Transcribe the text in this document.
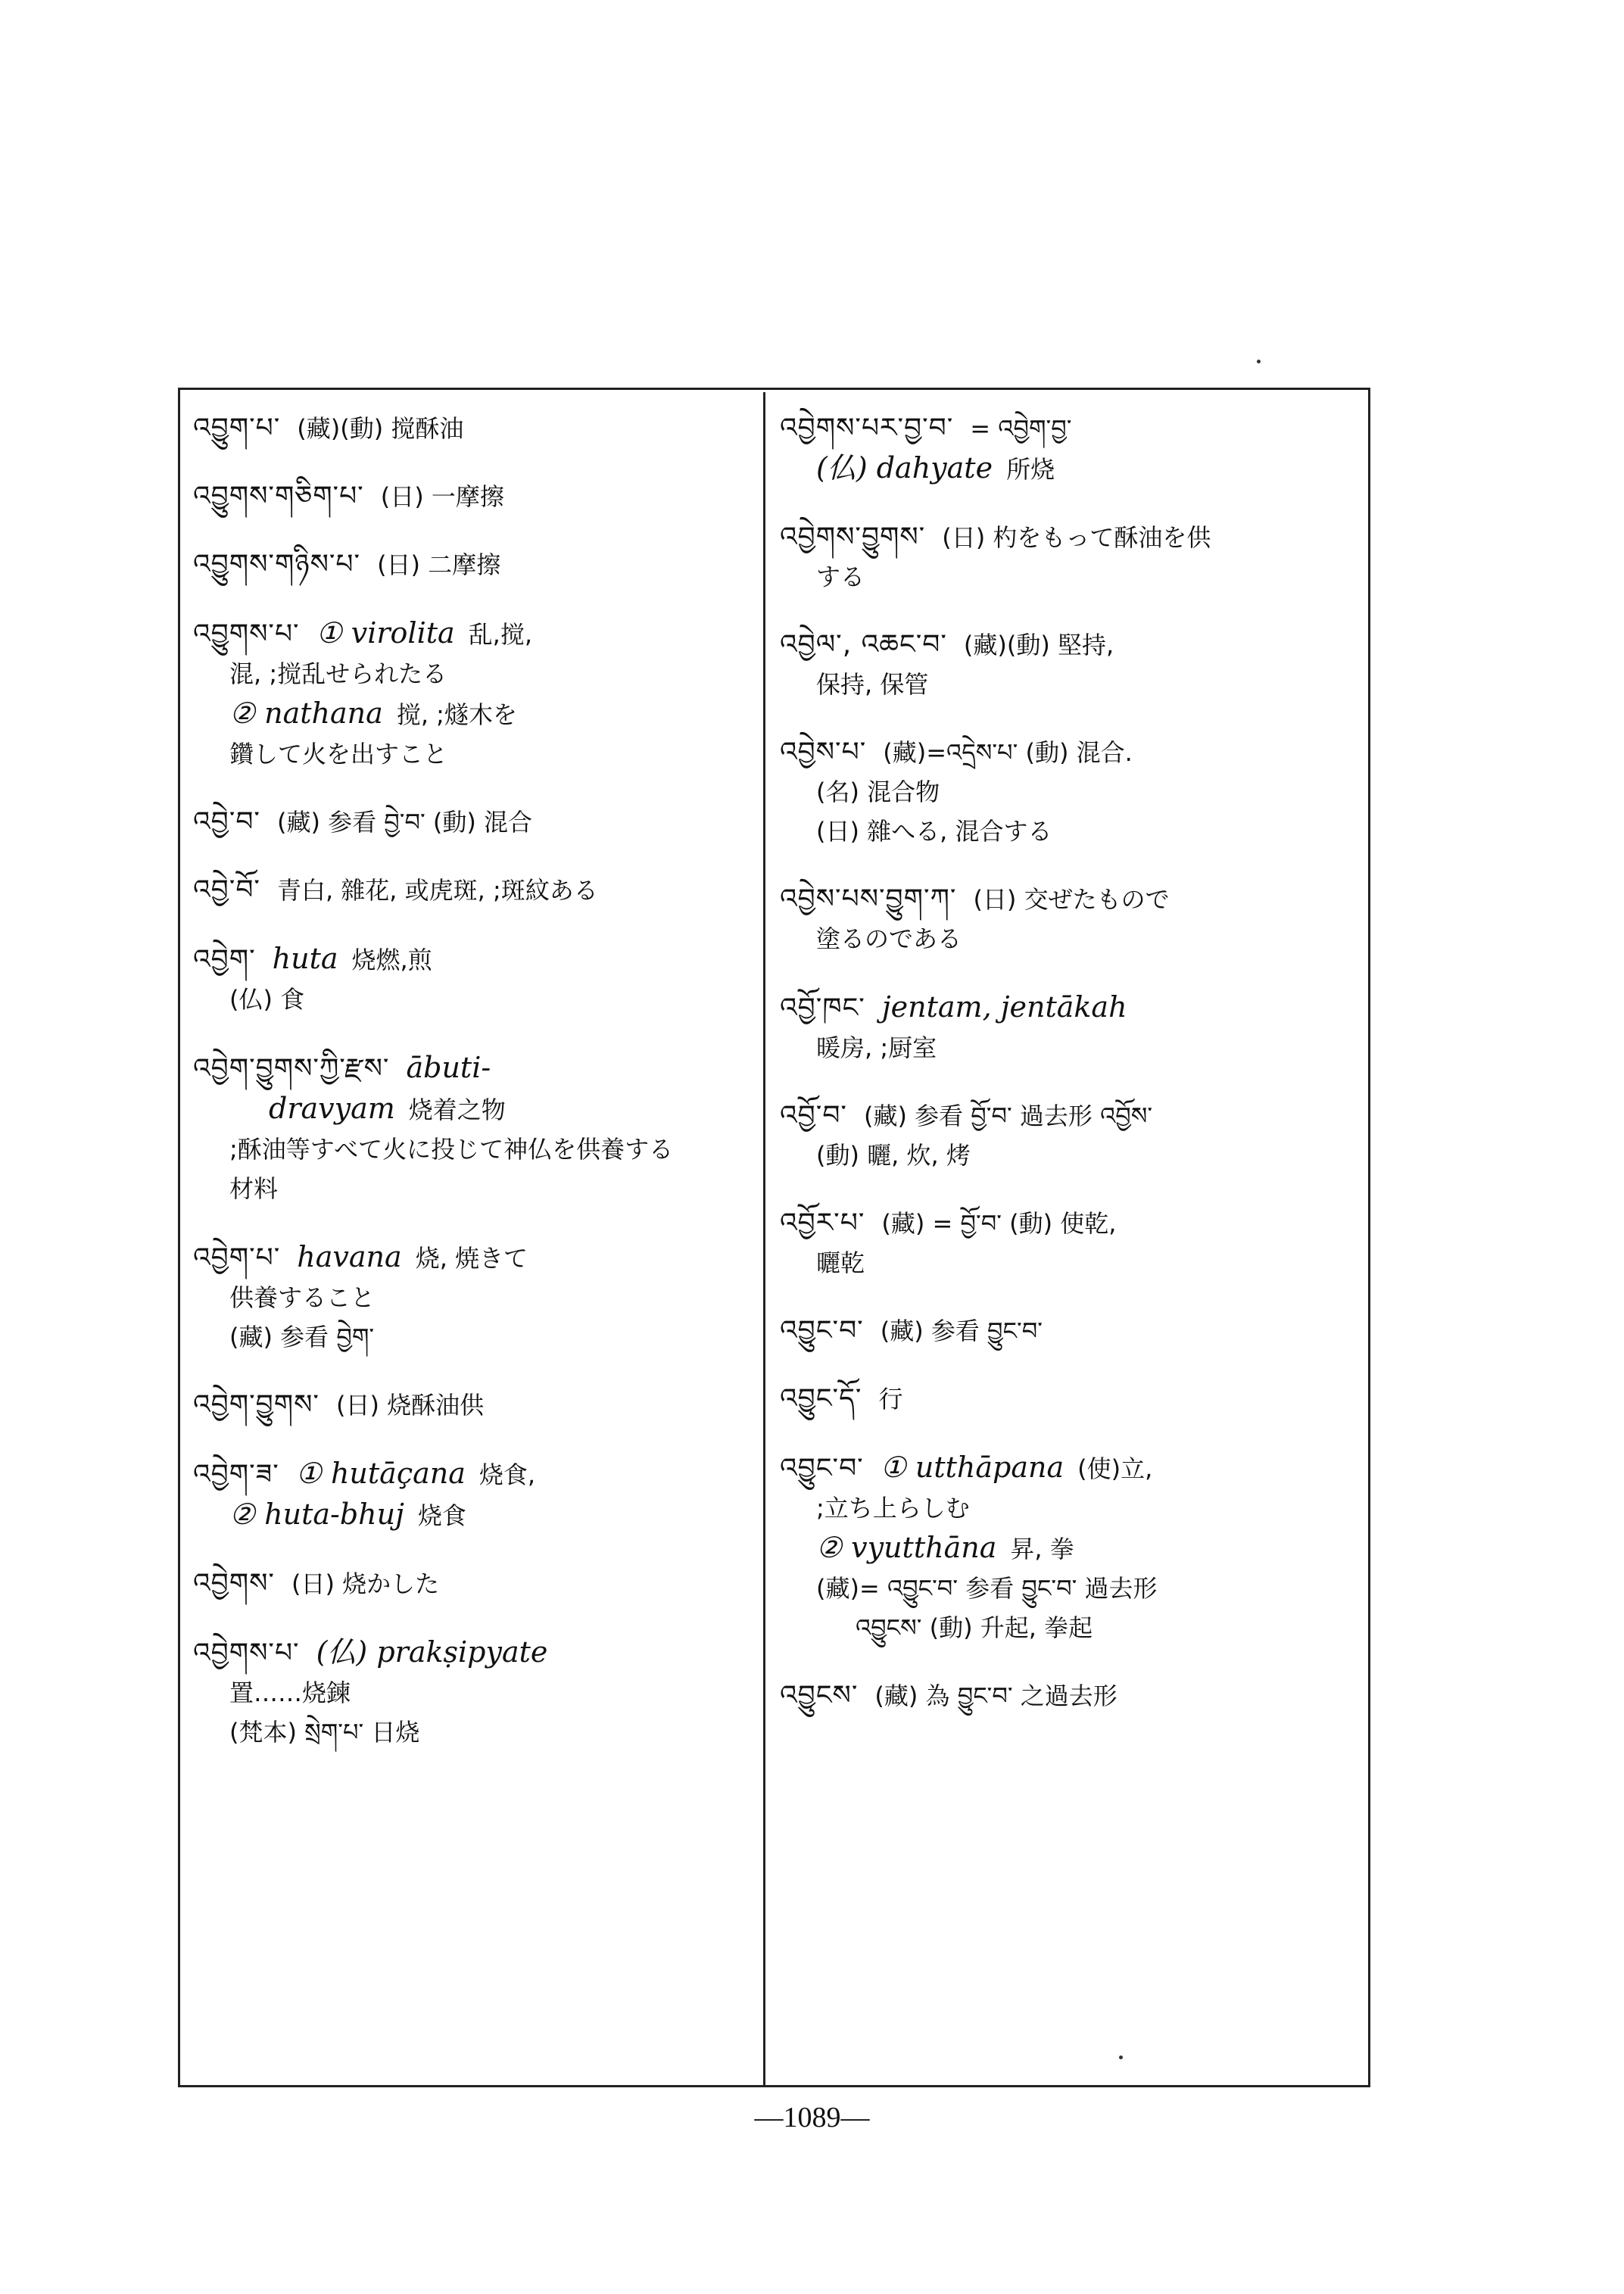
འབྱུག་པ་ (藏)(動) 搅酥油
འབྱུགས་གཅིག་པ་ (日) 一摩擦
འབྱུགས་གཉིས་པ་ (日) 二摩擦
འབྱུགས་པ་ ① virolita 乱,搅,
混, ;搅乱せられたる
② nathana 搅, ;燧木を
鑽して火を出すこと
འབྱེ་བ་ (藏) 参看 བྱེ་བ་ (動) 混合
འབྱེ་བོ་ 青白, 雜花, 或虎斑, ;斑紋ある
འབྱེག་ huta 烧燃,煎
(仏) 食
འབྱེག་བྱུགས་ཀྱི་རྫས་ ābuti-
dravyam 烧着之物
;酥油等すべて火に投じて神仏を供養する
材料
འབྱེག་པ་ havana 烧, 焼きて
供養すること
(藏) 参看 བྱེག་
འབྱེག་བྱུགས་ (日) 烧酥油供
འབྱེག་ཟ་ ① hutāçana 烧食,
② huta-bhuj 烧食
འབྱེགས་ (日) 烧かした
འབྱེགས་པ་ (仏) prakṣipyate
置……烧鍊
(梵本) སྲེག་པ་ 日烧
འབྱེགས་པར་བྱ་བ་ = འབྱེག་བྱ་
(仏) dahyate 所烧
འབྱེགས་བྱུགས་ (日) 杓をもって酥油を供
する
འབྱེལ་, འཆང་བ་ (藏)(動) 堅持,
保持, 保管
འབྱེས་པ་ (藏)=འདྲེས་པ་ (動) 混合.
(名) 混合物
(日) 雜へる, 混合する
འབྱེས་པས་བྱུག་ཀ་ (日) 交ぜたもので
塗るのである
འབྱོ་ཁང་ jentam, jentākah
暖房, ;厨室
འབྱོ་བ་ (藏) 参看 བྱོ་བ་ 過去形 འབྱོས་
(動) 曬, 炊, 烤
འབྱོར་པ་ (藏) = བྱོ་བ་ (動) 使乾,
曬乾
འབྱུང་བ་ (藏) 参看 བྱུང་བ་
འབྱུང་དོ་ 行
འབྱུང་བ་ ① utthāpana (使)立,
;立ち上らしむ
② vyutthāna 昇, 拳
(藏)= འབྱུང་བ་ 参看 བྱུང་བ་ 過去形
འབྱུངས་ (動) 升起, 拳起
འབྱུངས་ (藏) 為 བྱུང་བ་ 之過去形
—1089—
